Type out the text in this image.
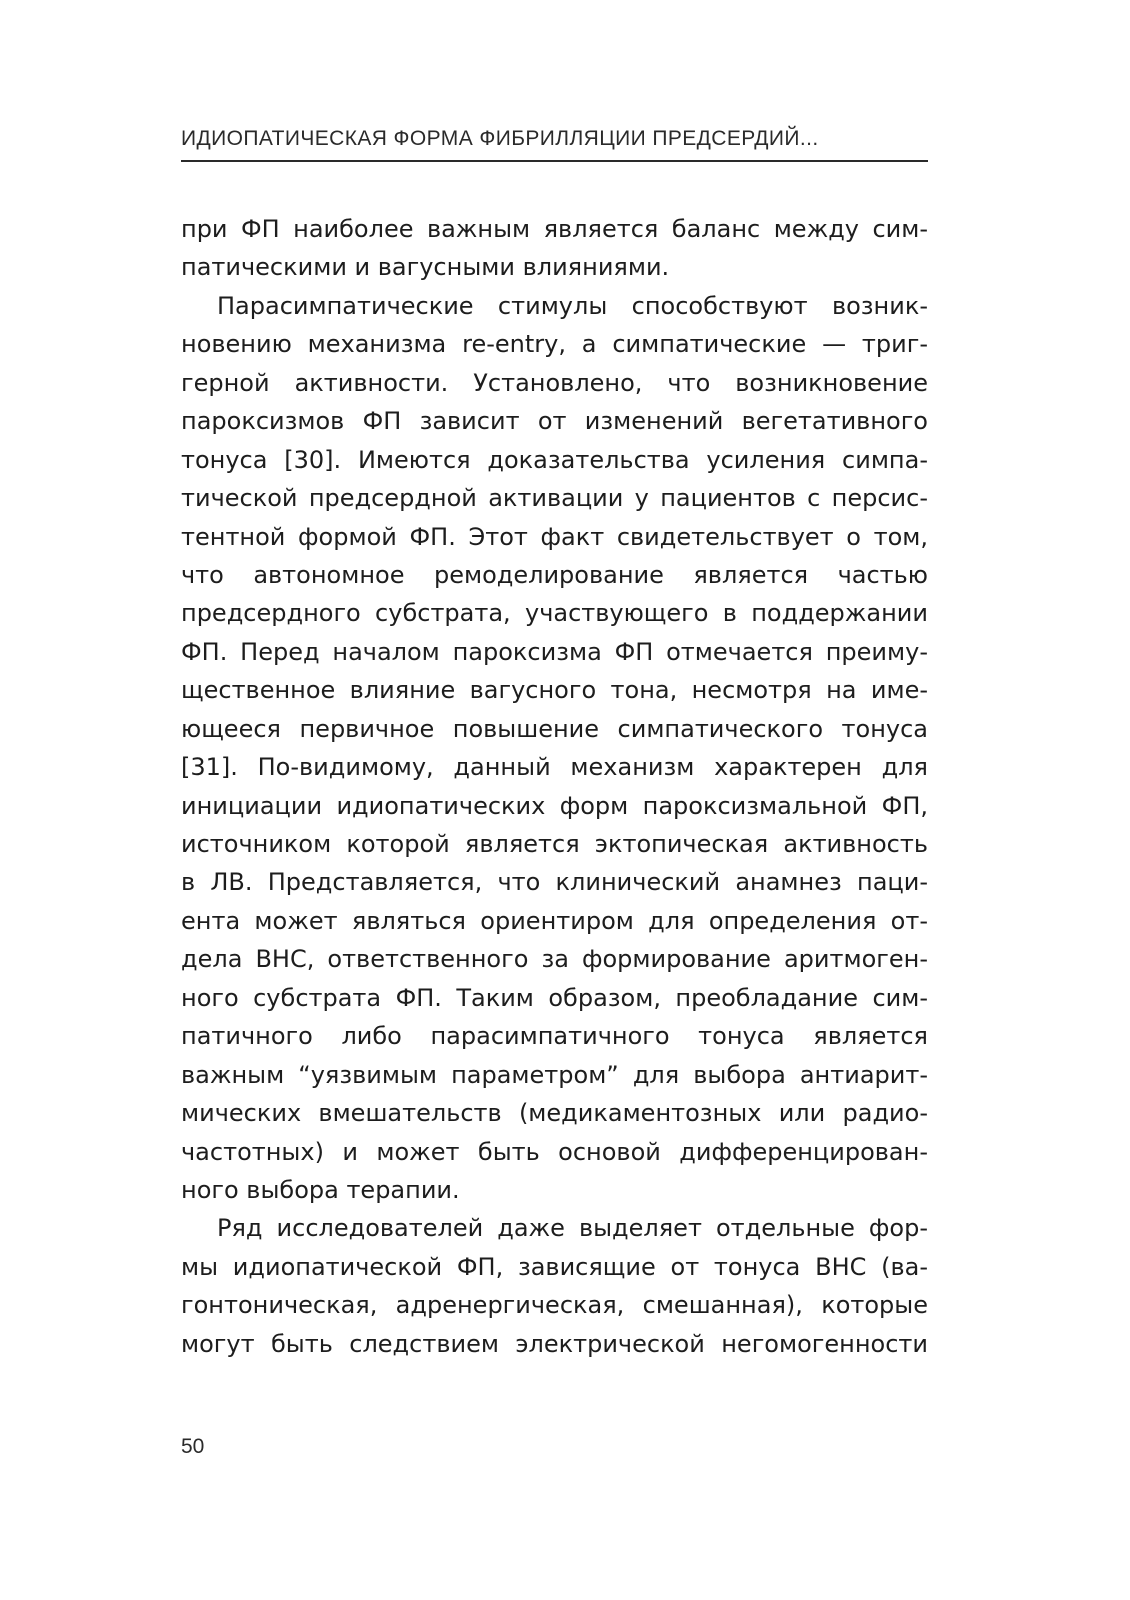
ИДИОПАТИЧЕСКАЯ ФОРМА ФИБРИЛЛЯЦИИ ПРЕДСЕРДИЙ...
при ФП наиболее важным является баланс между сим-
патическими и вагусными влияниями.
Парасимпатические стимулы способствуют возник-
новению механизма re-entry, а симпатические — триг-
герной активности. Установлено, что возникновение
пароксизмов ФП зависит от изменений вегетативного
тонуса [30]. Имеются доказательства усиления симпа-
тической предсердной активации у пациентов с персис-
тентной формой ФП. Этот факт свидетельствует о том,
что автономное ремоделирование является частью
предсердного субстрата, участвующего в поддержании
ФП. Перед началом пароксизма ФП отмечается преиму-
щественное влияние вагусного тона, несмотря на име-
ющееся первичное повышение симпатического тонуса
[31]. По-видимому, данный механизм характерен для
инициации идиопатических форм пароксизмальной ФП,
источником которой является эктопическая активность
в ЛВ. Представляется, что клинический анамнез паци-
ента может являться ориентиром для определения от-
дела ВНС, ответственного за формирование аритмоген-
ного субстрата ФП. Таким образом, преобладание сим-
патичного либо парасимпатичного тонуса является
важным “уязвимым параметром” для выбора антиарит-
мических вмешательств (медикаментозных или радио-
частотных) и может быть основой дифференцирован-
ного выбора терапии.
Ряд исследователей даже выделяет отдельные фор-
мы идиопатической ФП, зависящие от тонуса ВНС (ва-
гонтоническая, адренергическая, смешанная), которые
могут быть следствием электрической негомогенности
50
